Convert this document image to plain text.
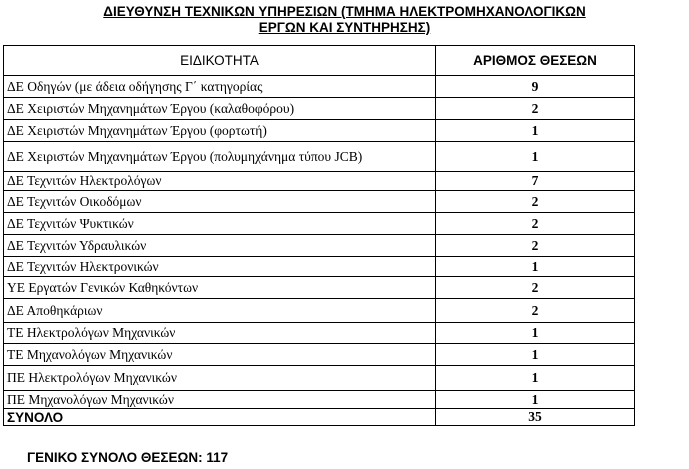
ΔΙΕΥΘΥΝΣΗ ΤΕΧΝΙΚΩΝ ΥΠΗΡΕΣΙΩΝ (ΤΜΗΜΑ ΗΛΕΚΤΡΟΜΗΧΑΝΟΛΟΓΙΚΩΝ
ΕΡΓΩΝ ΚΑΙ ΣΥΝΤΗΡΗΣΗΣ)
ΕΙΔΙΚΟΤΗΤΑ	ΑΡΙΘΜΟΣ ΘΕΣΕΩΝ
ΔΕ Οδηγών (με άδεια οδήγησης Γ΄ κατηγορίας	9
ΔΕ Χειριστών Μηχανημάτων Έργου (καλαθοφόρου)	2
ΔΕ Χειριστών Μηχανημάτων Έργου (φορτωτή)	1
ΔΕ Χειριστών Μηχανημάτων Έργου (πολυμηχάνημα τύπου JCB)	1
ΔΕ Τεχνιτών Ηλεκτρολόγων	7
ΔΕ Τεχνιτών Οικοδόμων	2
ΔΕ Τεχνιτών Ψυκτικών	2
ΔΕ Τεχνιτών Υδραυλικών	2
ΔΕ Τεχνιτών Ηλεκτρονικών	1
ΥΕ Εργατών Γενικών Καθηκόντων	2
ΔΕ Αποθηκάριων	2
ΤΕ Ηλεκτρολόγων Μηχανικών	1
ΤΕ Μηχανολόγων Μηχανικών	1
ΠΕ Ηλεκτρολόγων Μηχανικών	1
ΠΕ Μηχανολόγων Μηχανικών	1
ΣΥΝΟΛΟ	35
ΓΕΝΙΚΟ ΣΥΝΟΛΟ ΘΕΣΕΩΝ: 117
